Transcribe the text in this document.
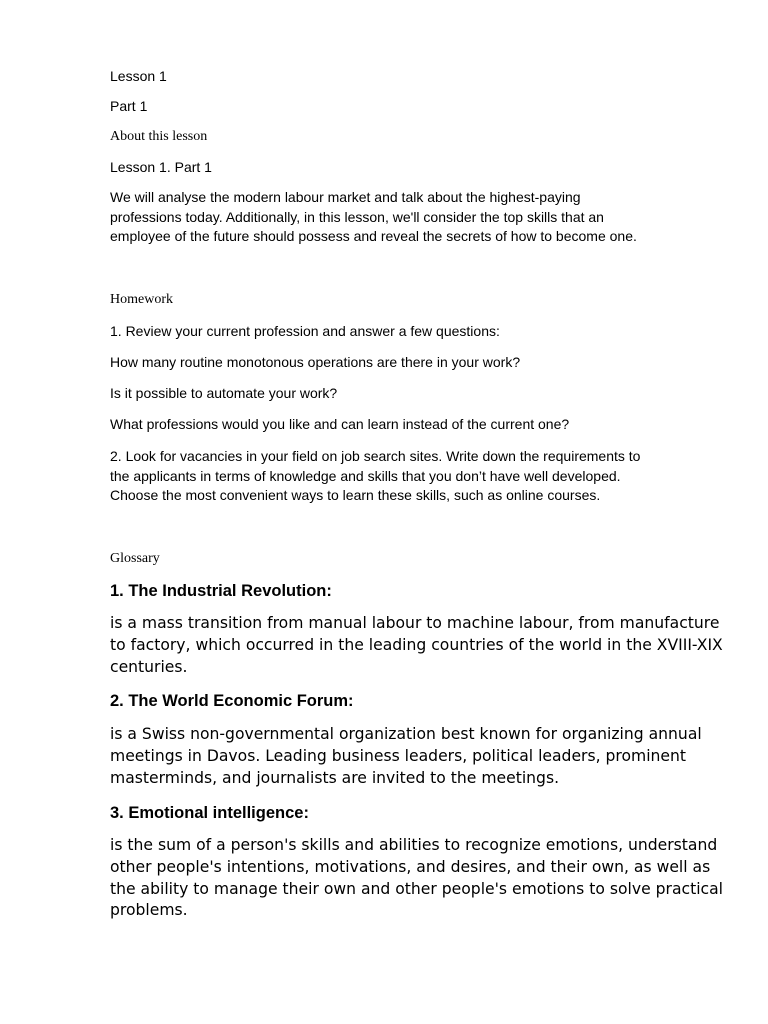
Lesson 1

Part 1

About this lesson

Lesson 1. Part 1

We will analyse the modern labour market and talk about the highest-paying
professions today. Additionally, in this lesson, we'll consider the top skills that an
employee of the future should possess and reveal the secrets of how to become one.

Homework

1. Review your current profession and answer a few questions:

How many routine monotonous operations are there in your work?

Is it possible to automate your work?

What professions would you like and can learn instead of the current one?

2. Look for vacancies in your field on job search sites. Write down the requirements to
the applicants in terms of knowledge and skills that you don’t have well developed.
Choose the most convenient ways to learn these skills, such as online courses.

Glossary

1. The Industrial Revolution:

is a mass transition from manual labour to machine labour, from manufacture
to factory, which occurred in the leading countries of the world in the XVIII-XIX
centuries.

2. The World Economic Forum:

is a Swiss non-governmental organization best known for organizing annual
meetings in Davos. Leading business leaders, political leaders, prominent
masterminds, and journalists are invited to the meetings.

3. Emotional intelligence:

is the sum of a person's skills and abilities to recognize emotions, understand
other people's intentions, motivations, and desires, and their own, as well as
the ability to manage their own and other people's emotions to solve practical
problems.
